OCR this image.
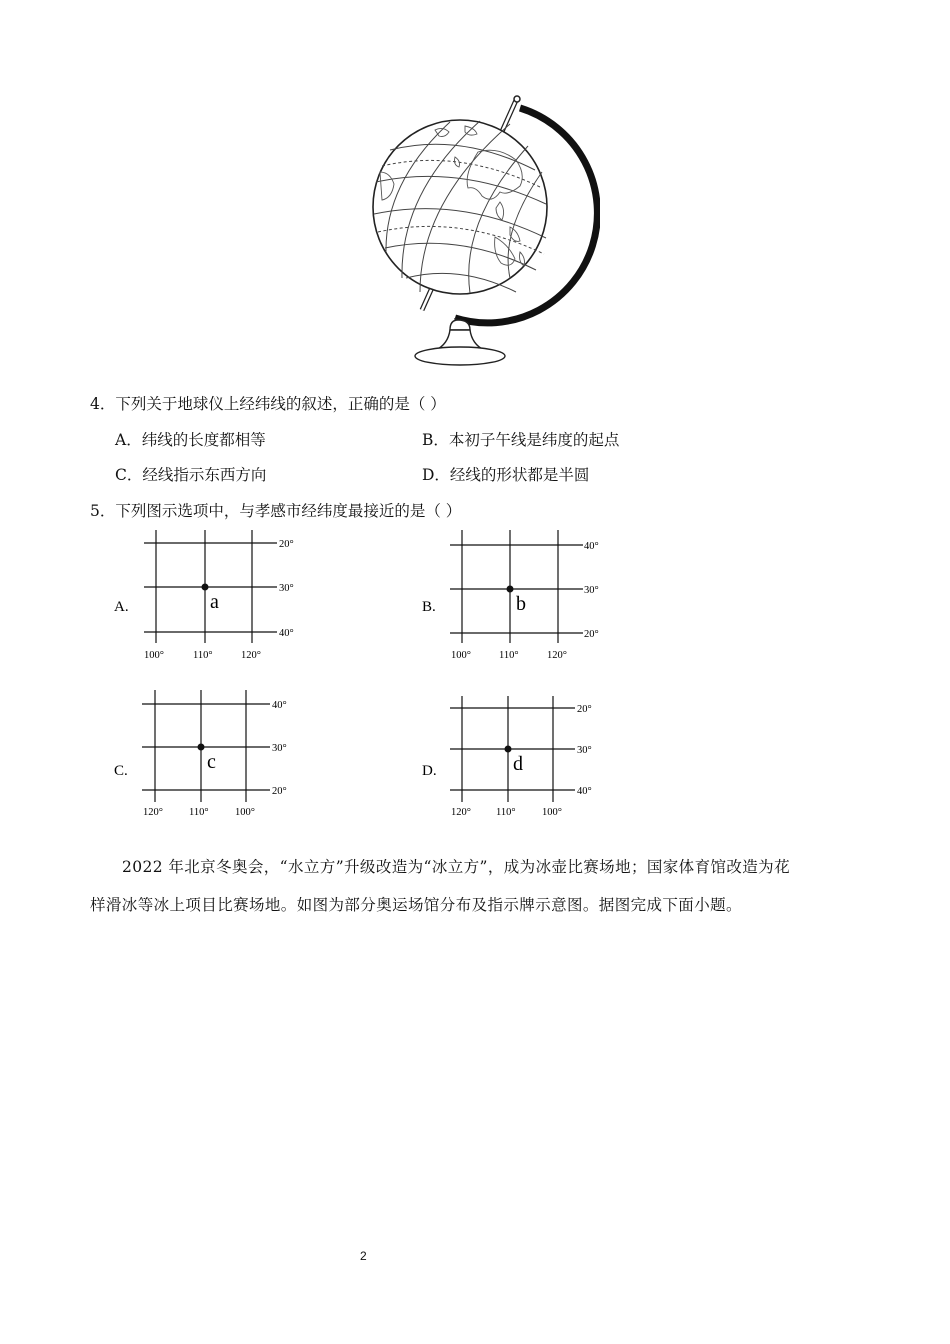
4．下列关于地球仪上经纬线的叙述，正确的是（ ）
A．纬线的长度都相等	B．本初子午线是纬度的起点
C．经线指示东西方向	D．经线的形状都是半圆
5．下列图示选项中，与孝感市经纬度最接近的是（ ）
A.	a
20°
30°
40°
100°	110°	120°
B.	b
40°
30°
20°
100°	110°	120°
C.	c
40°
30°
20°
120° 110°	100°
D.	d
20°
30°
40°
120° 110°	100°
2022 年北京冬奥会，“水立方”升级改造为“冰立方”，成为冰壶比赛场地；国家体育馆改造为花
样滑冰等冰上项目比赛场地。如图为部分奥运场馆分布及指示牌示意图。据图完成下面小题。
2
